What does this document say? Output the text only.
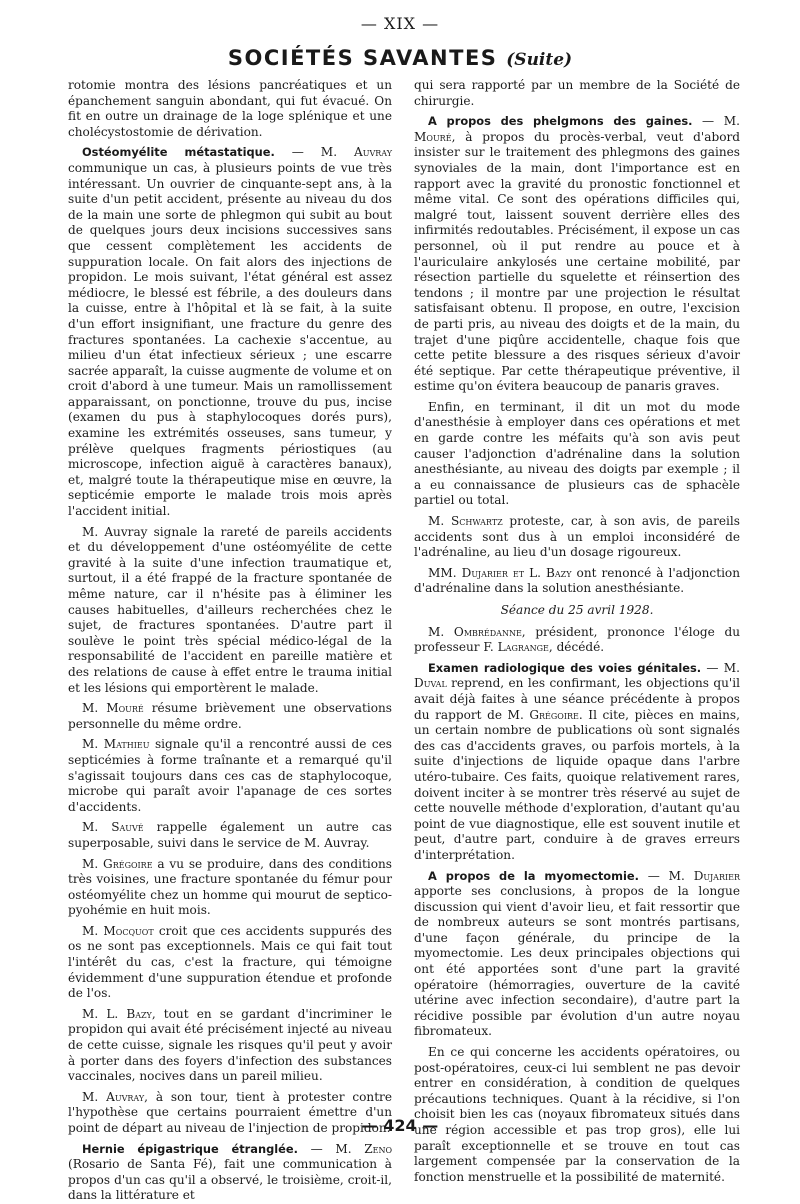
— XIX —
SOCIÉTÉS SAVANTES (Suite)

rotomie montra des lésions pancréatiques et un épanchement sanguin abondant, qui fut évacué. On fit en outre un drainage de la loge splénique et une cholécystostomie de dérivation.

Ostéomyélite métastatique. — M. Auvray communique un cas, à plusieurs points de vue très intéressant. Un ouvrier de cinquante-sept ans, à la suite d'un petit accident, présente au niveau du dos de la main une sorte de phlegmon qui subit au bout de quelques jours deux incisions successives sans que cessent complètement les accidents de suppuration locale. On fait alors des injections de propidon. Le mois suivant, l'état général est assez médiocre, le blessé est fébrile, a des douleurs dans la cuisse, entre à l'hôpital et là se fait, à la suite d'un effort insignifiant, une fracture du genre des fractures spontanées. La cachexie s'accentue, au milieu d'un état infectieux sérieux ; une escarre sacrée apparaît, la cuisse augmente de volume et on croit d'abord à une tumeur. Mais un ramollissement apparaissant, on ponctionne, trouve du pus, incise (examen du pus à staphylocoques dorés purs), examine les extrémités osseuses, sans tumeur, y prélève quelques fragments périostiques (au microscope, infection aiguë à caractères banaux), et, malgré toute la thérapeutique mise en œuvre, la septicémie emporte le malade trois mois après l'accident initial.

M. Auvray signale la rareté de pareils accidents et du développement d'une ostéomyélite de cette gravité à la suite d'une infection traumatique et, surtout, il a été frappé de la fracture spontanée de même nature, car il n'hésite pas à éliminer les causes habituelles, d'ailleurs recherchées chez le sujet, de fractures spontanées. D'autre part il soulève le point très spécial médico-légal de la responsabilité de l'accident en pareille matière et des relations de cause à effet entre le trauma initial et les lésions qui emportèrent le malade.

M. Mouré résume brièvement une observations personnelle du même ordre.

M. Mathieu signale qu'il a rencontré aussi de ces septicémies à forme traînante et a remarqué qu'il s'agissait toujours dans ces cas de staphylocoque, microbe qui paraît avoir l'apanage de ces sortes d'accidents.

M. Sauvé rappelle également un autre cas superposable, suivi dans le service de M. Auvray.

M. Grégoire a vu se produire, dans des conditions très voisines, une fracture spontanée du fémur pour ostéomyélite chez un homme qui mourut de septico-pyohémie en huit mois.

M. Mocquot croit que ces accidents suppurés des os ne sont pas exceptionnels. Mais ce qui fait tout l'intérêt du cas, c'est la fracture, qui témoigne évidemment d'une suppuration étendue et profonde de l'os.

M. L. Bazy, tout en se gardant d'incriminer le propidon qui avait été précisément injecté au niveau de cette cuisse, signale les risques qu'il peut y avoir à porter dans des foyers d'infection des substances vaccinales, nocives dans un pareil milieu.

M. Auvray, à son tour, tient à protester contre l'hypothèse que certains pourraient émettre d'un point de départ au niveau de l'injection de propidon.

Hernie épigastrique étranglée. — M. Zeno (Rosario de Santa Fé), fait une communication à propos d'un cas qu'il a observé, le troisième, croit-il, dans la littérature et

qui sera rapporté par un membre de la Société de chirurgie.

A propos des phelgmons des gaines. — M. Mouré, à propos du procès-verbal, veut d'abord insister sur le traitement des phlegmons des gaines synoviales de la main, dont l'importance est en rapport avec la gravité du pronostic fonctionnel et même vital. Ce sont des opérations difficiles qui, malgré tout, laissent souvent derrière elles des infirmités redoutables. Précisément, il expose un cas personnel, où il put rendre au pouce et à l'auriculaire ankylosés une certaine mobilité, par résection partielle du squelette et réinsertion des tendons ; il montre par une projection le résultat satisfaisant obtenu. Il propose, en outre, l'excision de parti pris, au niveau des doigts et de la main, du trajet d'une piqûre accidentelle, chaque fois que cette petite blessure a des risques sérieux d'avoir été septique. Par cette thérapeutique préventive, il estime qu'on évitera beaucoup de panaris graves.

Enfin, en terminant, il dit un mot du mode d'anesthésie à employer dans ces opérations et met en garde contre les méfaits qu'à son avis peut causer l'adjonction d'adrénaline dans la solution anesthésiante, au niveau des doigts par exemple ; il a eu connaissance de plusieurs cas de sphacèle partiel ou total.

M. Schwartz proteste, car, à son avis, de pareils accidents sont dus à un emploi inconsidéré de l'adrénaline, au lieu d'un dosage rigoureux.

MM. Dujarier et L. Bazy ont renoncé à l'adjonction d'adrénaline dans la solution anesthésiante.

Séance du 25 avril 1928.

M. Ombrédanne, président, prononce l'éloge du professeur F. Lagrange, décédé.

Examen radiologique des voies génitales. — M. Duval reprend, en les confirmant, les objections qu'il avait déjà faites à une séance précédente à propos du rapport de M. Grégoire. Il cite, pièces en mains, un certain nombre de publications où sont signalés des cas d'accidents graves, ou parfois mortels, à la suite d'injections de liquide opaque dans l'arbre utéro-tubaire. Ces faits, quoique relativement rares, doivent inciter à se montrer très réservé au sujet de cette nouvelle méthode d'exploration, d'autant qu'au point de vue diagnostique, elle est souvent inutile et peut, d'autre part, conduire à de graves erreurs d'interprétation.

A propos de la myomectomie. — M. Dujarier apporte ses conclusions, à propos de la longue discussion qui vient d'avoir lieu, et fait ressortir que de nombreux auteurs se sont montrés partisans, d'une façon générale, du principe de la myomectomie. Les deux principales objections qui ont été apportées sont d'une part la gravité opératoire (hémorragies, ouverture de la cavité utérine avec infection secondaire), d'autre part la récidive possible par évolution d'un autre noyau fibromateux.

En ce qui concerne les accidents opératoires, ou post-opératoires, ceux-ci lui semblent ne pas devoir entrer en considération, à condition de quelques précautions techniques. Quant à la récidive, si l'on choisit bien les cas (noyaux fibromateux situés dans une région accessible et pas trop gros), elle lui paraît exceptionnelle et se trouve en tout cas largement compensée par la conservation de la fonction menstruelle et la possibilité de maternité.

— 424 —
